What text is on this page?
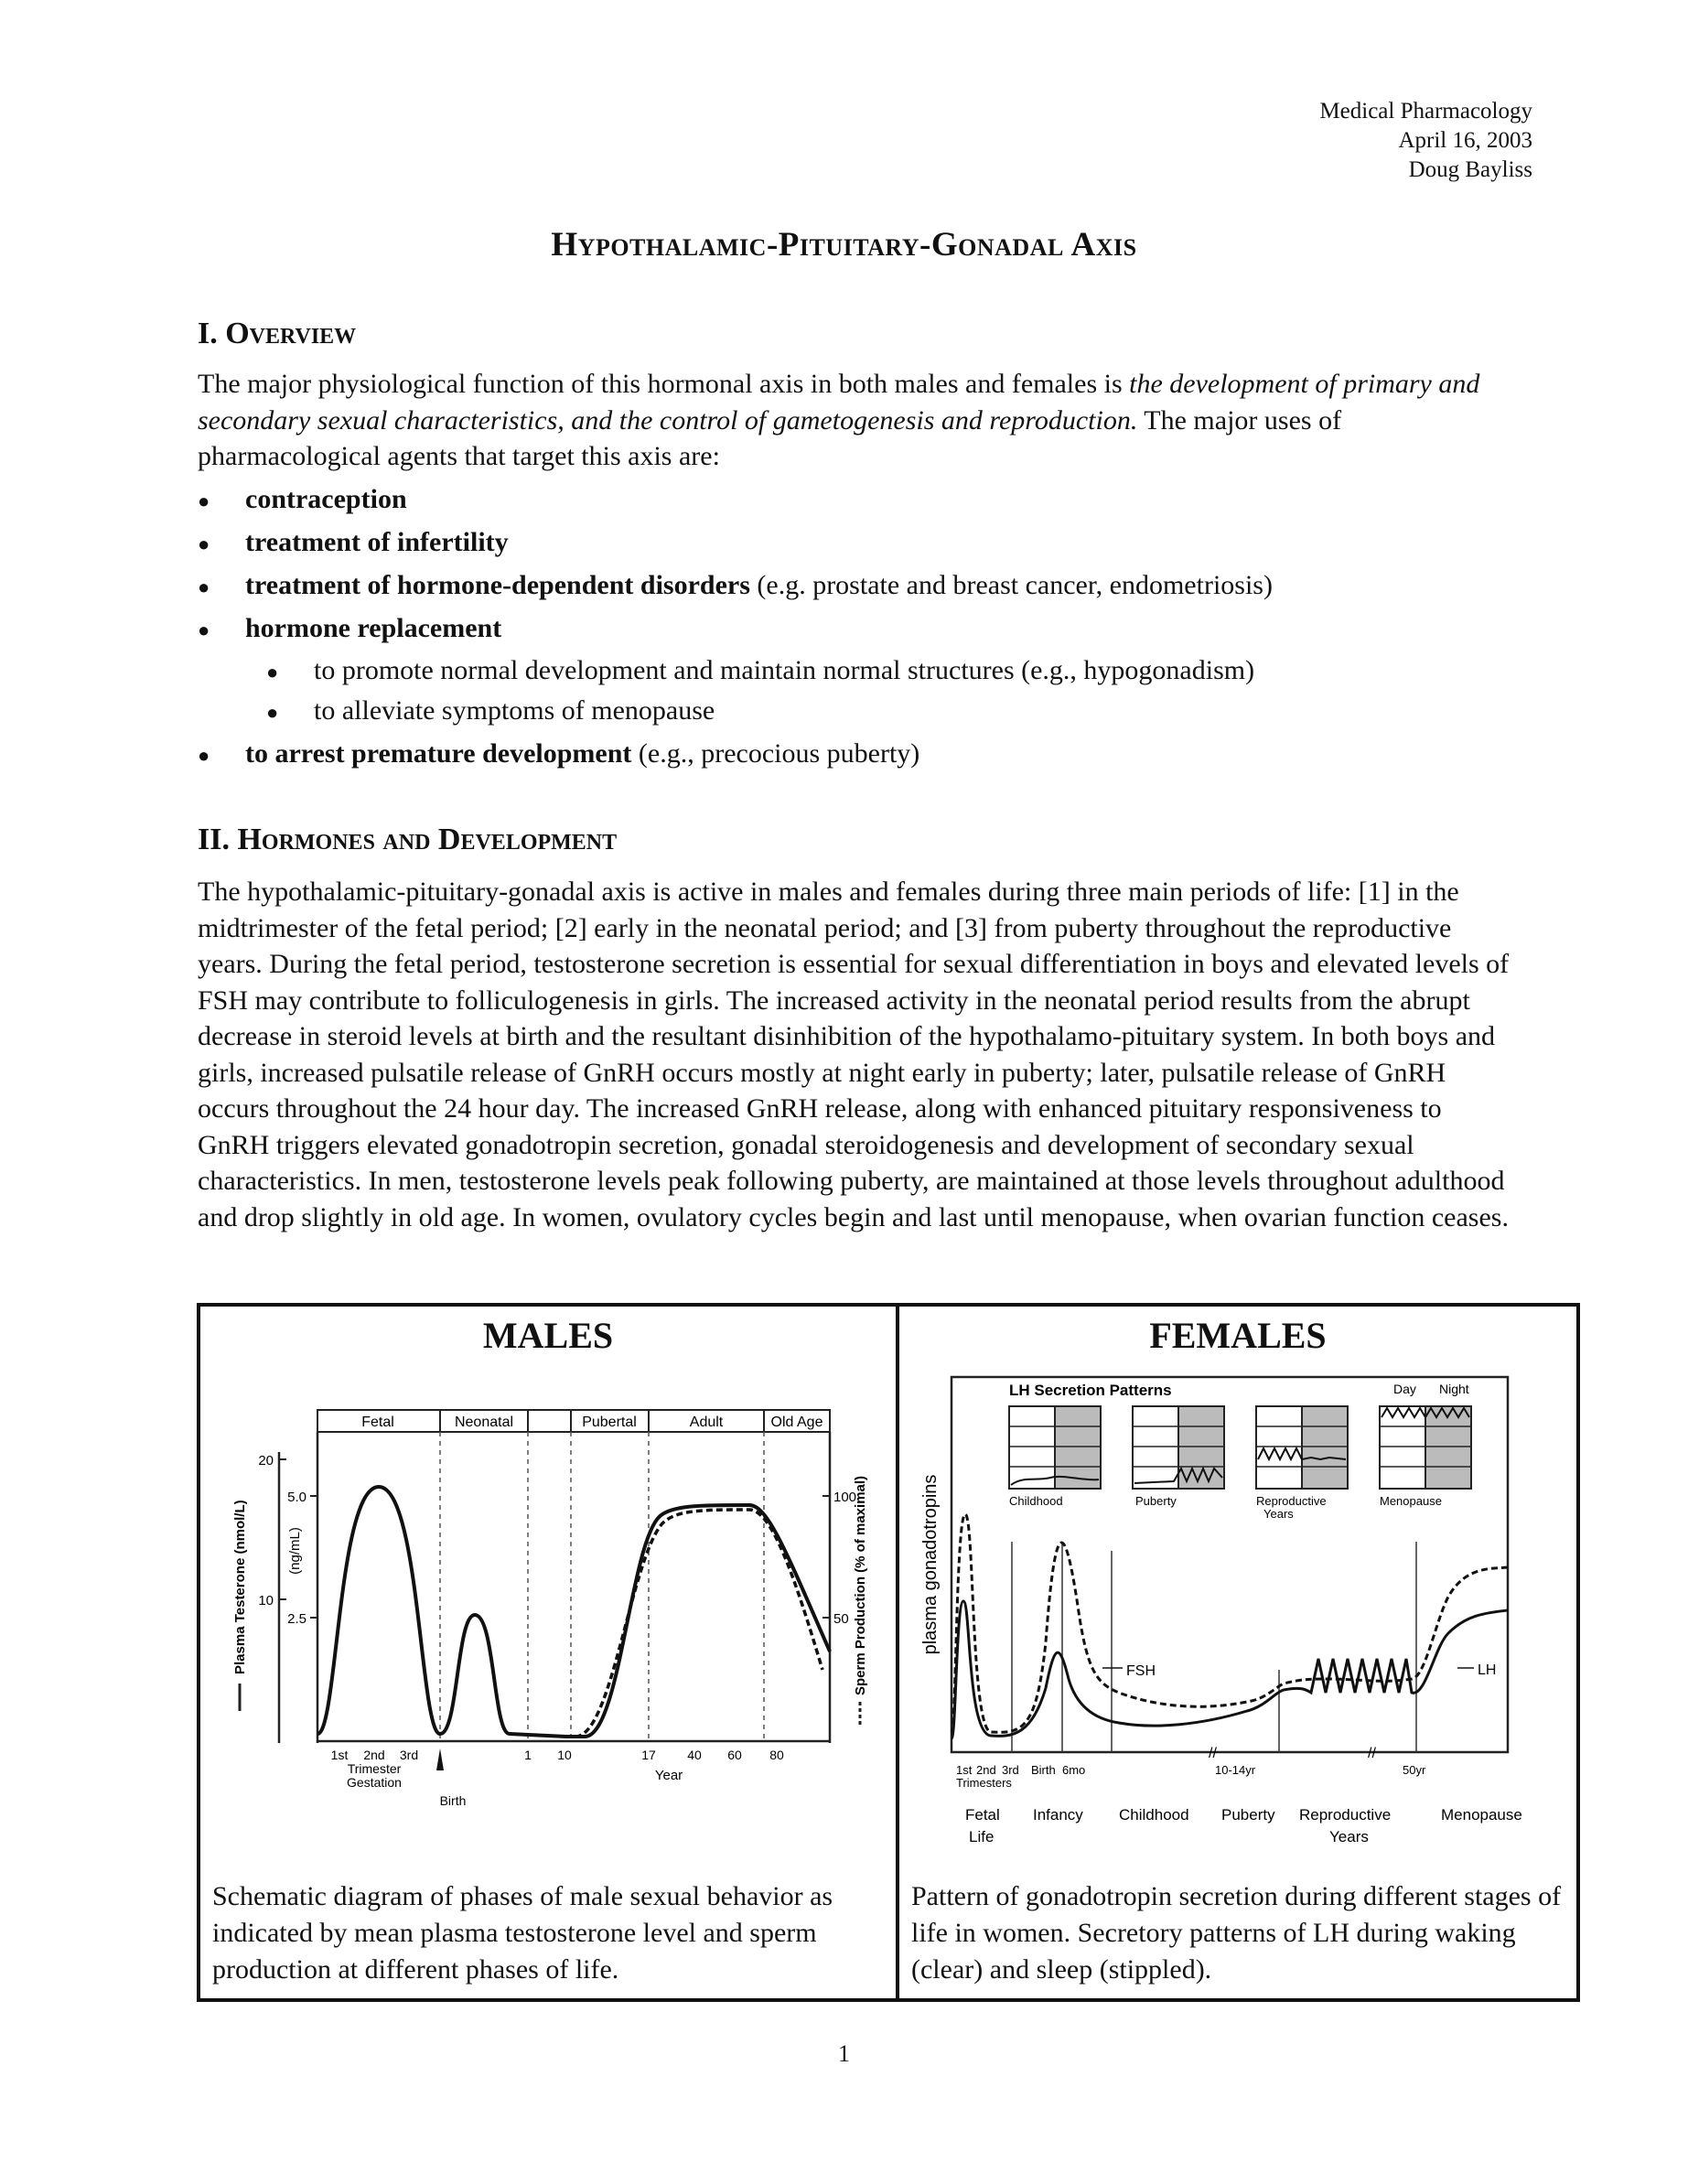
Medical Pharmacology
April 16, 2003
Doug Bayliss
Hypothalamic-Pituitary-Gonadal Axis
I. Overview
The major physiological function of this hormonal axis in both males and females is the development of primary and secondary sexual characteristics, and the control of gametogenesis and reproduction. The major uses of pharmacological agents that target this axis are:
● contraception
● treatment of infertility
● treatment of hormone-dependent disorders (e.g. prostate and breast cancer, endometriosis)
● hormone replacement
● to promote normal development and maintain normal structures (e.g., hypogonadism)
● to alleviate symptoms of menopause
● to arrest premature development (e.g., precocious puberty)
II. Hormones and Development
The hypothalamic-pituitary-gonadal axis is active in males and females during three main periods of life: [1] in the midtrimester of the fetal period; [2] early in the neonatal period; and [3] from puberty throughout the reproductive years. During the fetal period, testosterone secretion is essential for sexual differentiation in boys and elevated levels of FSH may contribute to folliculogenesis in girls. The increased activity in the neonatal period results from the abrupt decrease in steroid levels at birth and the resultant disinhibition of the hypothalamo-pituitary system. In both boys and girls, increased pulsatile release of GnRH occurs mostly at night early in puberty; later, pulsatile release of GnRH occurs throughout the 24 hour day. The increased GnRH release, along with enhanced pituitary responsiveness to GnRH triggers elevated gonadotropin secretion, gonadal steroidogenesis and development of secondary sexual characteristics. In men, testosterone levels peak following puberty, are maintained at those levels throughout adulthood and drop slightly in old age. In women, ovulatory cycles begin and last until menopause, when ovarian function ceases.
MALES	FEMALES
Fetal	Neonatal	Pubertal	Adult	Old Age
20
10
5.0
2.5
100
50
Plasma Testerone (nmol/L)	(ng/mL)	Sperm Production (% of maximal)
1st 2nd 3rd
Trimester
Gestation
Birth
1 10	17 40 60 80
Year
LH Secretion Patterns	Day Night
Childhood	Puberty	Reproductive
Years
Menopause
plasma gonadotropins
FSH	LH
//	//
1st 2nd 3rd Birth 6mo	10-14yr	50yr
Trimesters
Fetal
Life
Infancy Childhood Puberty Reproductive
Years
Menopause
Schematic diagram of phases of male sexual behavior as indicated by mean plasma testosterone level and sperm production at different phases of life.
Pattern of gonadotropin secretion during different stages of life in women. Secretory patterns of LH during waking (clear) and sleep (stippled).
1
